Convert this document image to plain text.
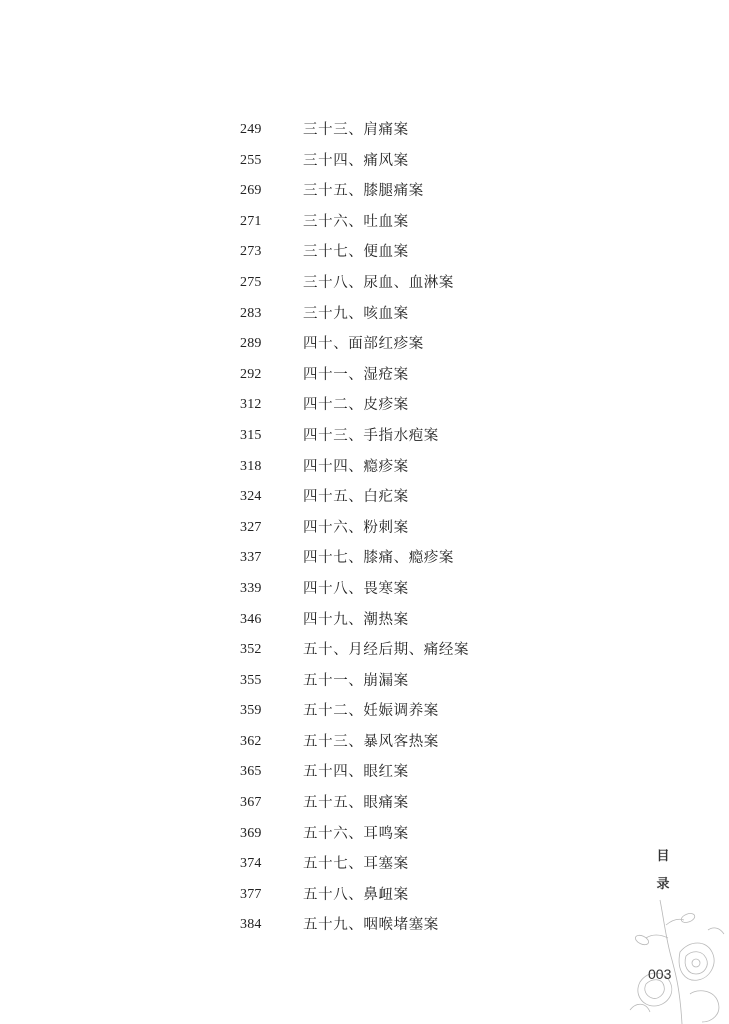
249	三十三、肩痛案
255	三十四、痛风案
269	三十五、膝腿痛案
271	三十六、吐血案
273	三十七、便血案
275	三十八、尿血、血淋案
283	三十九、咳血案
289	四十、面部红疹案
292	四十一、湿疮案
312	四十二、皮疹案
315	四十三、手指水疱案
318	四十四、瘾疹案
324	四十五、白疕案
327	四十六、粉刺案
337	四十七、膝痛、瘾疹案
339	四十八、畏寒案
346	四十九、潮热案
352	五十、月经后期、痛经案
355	五十一、崩漏案
359	五十二、妊娠调养案
362	五十三、暴风客热案
365	五十四、眼红案
367	五十五、眼痛案
369	五十六、耳鸣案
374	五十七、耳塞案
377	五十八、鼻衄案
384	五十九、咽喉堵塞案
目
录
003
